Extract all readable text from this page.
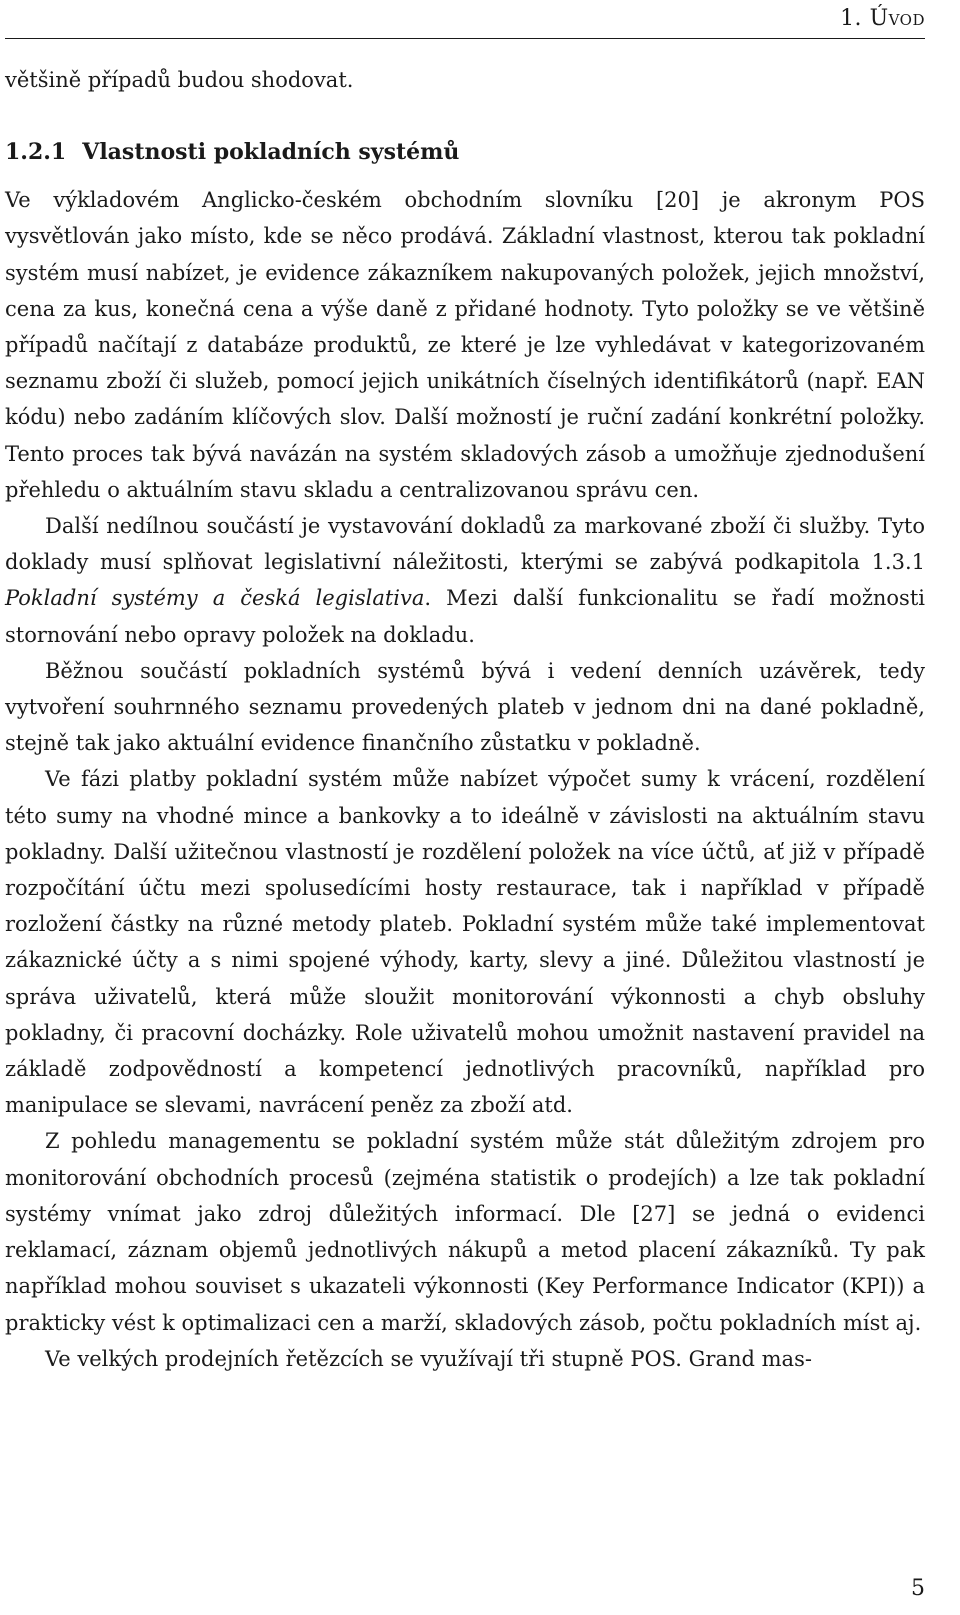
1. Úvod

většině případů budou shodovat.

1.2.1 Vlastnosti pokladních systémů

Ve výkladovém Anglicko-českém obchodním slovníku [20] je akronym POS vysvětlován jako místo, kde se něco prodává. Základní vlastnost, kterou tak pokladní systém musí nabízet, je evidence zákazníkem nakupovaných položek, jejich množství, cena za kus, konečná cena a výše daně z přidané hodnoty. Tyto položky se ve většině případů načítají z databáze produktů, ze které je lze vyhledávat v kategorizovaném seznamu zboží či služeb, pomocí jejich unikátních číselných identifikátorů (např. EAN kódu) nebo zadáním klíčových slov. Další možností je ruční zadání konkrétní položky. Tento proces tak bývá navázán na systém skladových zásob a umožňuje zjednodušení přehledu o aktuálním stavu skladu a centralizovanou správu cen.

Další nedílnou součástí je vystavování dokladů za markované zboží či služby. Tyto doklady musí splňovat legislativní náležitosti, kterými se zabývá podkapitola 1.3.1 Pokladní systémy a česká legislativa. Mezi další funkcionalitu se řadí možnosti stornování nebo opravy položek na dokladu.

Běžnou součástí pokladních systémů bývá i vedení denních uzávěrek, tedy vytvoření souhrnného seznamu provedených plateb v jednom dni na dané pokladně, stejně tak jako aktuální evidence finančního zůstatku v pokladně.

Ve fázi platby pokladní systém může nabízet výpočet sumy k vrácení, rozdělení této sumy na vhodné mince a bankovky a to ideálně v závislosti na aktuálním stavu pokladny. Další užitečnou vlastností je rozdělení položek na více účtů, ať již v případě rozpočítání účtu mezi spolusedícími hosty restaurace, tak i například v případě rozložení částky na různé metody plateb. Pokladní systém může také implementovat zákaznické účty a s nimi spojené výhody, karty, slevy a jiné. Důležitou vlastností je správa uživatelů, která může sloužit monitorování výkonnosti a chyb obsluhy pokladny, či pracovní docházky. Role uživatelů mohou umožnit nastavení pravidel na základě zodpovědností a kompetencí jednotlivých pracovníků, například pro manipulace se slevami, navrácení peněz za zboží atd.

Z pohledu managementu se pokladní systém může stát důležitým zdrojem pro monitorování obchodních procesů (zejména statistik o prodejích) a lze tak pokladní systémy vnímat jako zdroj důležitých informací. Dle [27] se jedná o evidenci reklamací, záznam objemů jednotlivých nákupů a metod placení zákazníků. Ty pak například mohou souviset s ukazateli výkonnosti (Key Performance Indicator (KPI)) a prakticky vést k optimalizaci cen a marží, skladových zásob, počtu pokladních míst aj.

Ve velkých prodejních řetězcích se využívají tři stupně POS. Grand mas-

5
